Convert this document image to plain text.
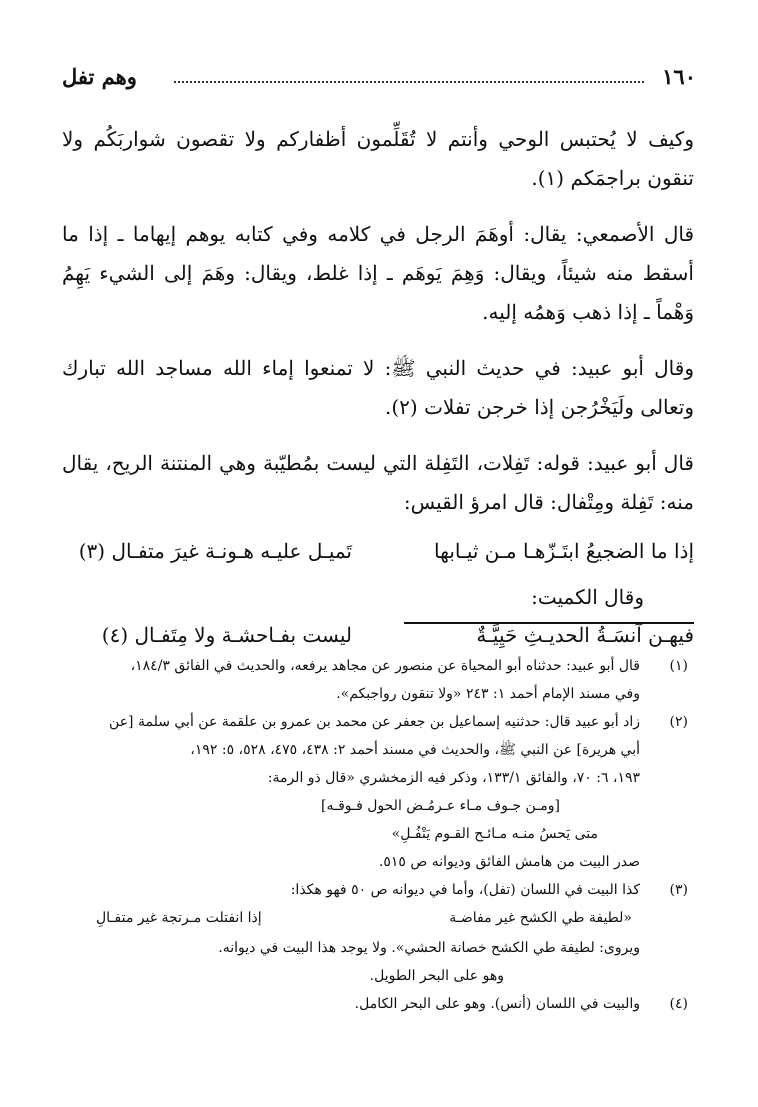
١٦٠
وهم تفل

وكيف لا يُحتبس الوحي وأنتم لا تُقَلِّمون أظفاركم ولا تقصون شواربَكُم ولا تنقون براجمَكم (١).

قال الأصمعي: يقال: أوهَمَ الرجل في كلامه وفي كتابه يوهم إيهاما ـ إذا ما أسقط منه شيئاً، ويقال: وَهِمَ يَوهَم ـ إذا غلط، ويقال: وهَمَ إلى الشيء يَهِمُ وَهْماً ـ إذا ذهب وَهمُه إليه.

وقال أبو عبيد: في حديث النبي ﷺ: لا تمنعوا إماء الله مساجد الله تبارك وتعالى ولَيَخْرُجن إذا خرجن تفلات (٢).

قال أبو عبيد: قوله: تَفِلات، التَفِلة التي ليست بمُطيّبة وهي المنتنة الريح، يقال منه: تَفِلة ومِتْفال: قال امرؤ القيس:

إذا ما الضجيعُ ابتَـزّهـا مـن ثيـابها
تَميـل عليـه هـونـة غيرَ متفـال (٣)

وقال الكميت:

فيهـن آنسَـةُ الحديـثِ حَيِيَّـةٌ
ليست بفـاحشـة ولا مِتَفـال (٤)
(١)

قال أبو عبيد: حدثناه أبو المحياة عن منصور عن مجاهد يرفعه، والحديث في الفائق ١٨٤/٣،

وفي مسند الإمام أحمد ١: ٢٤٣ «ولا تنقون رواجبكم».

(٢)

زاد أبو عبيد قال: حدثنيه إسماعيل بن جعفر عن محمد بن عمرو بن علقمة عن أبي سلمة [عن

أبي هريرة] عن النبي ﷺ، والحديث في مسند أحمد ٢: ٤٣٨، ٤٧٥، ٥٢٨، ٥: ١٩٢،

١٩٣، ٦: ٧٠، والفائق ١٣٣/١، وذكر فيه الزمخشري «قال ذو الرمة:

[ومـن جـوف مـاء عـرمُـض الحول فـوقـه]

متى يَحسُ منـه مـائـح القـوم يَتْفُـلِ»

صدر البيت من هامش الفائق وديوانه ص ٥١٥.

(٣)

كذا البيت في اللسان (تفل)، وأما في ديوانه ص ٥٠ فهو هكذا:

«لطيفة طي الكشح غير مفاضـة
إذا انفتلت مـرتجة غير متفـالِ

ويروى: لطيفة طي الكشح خصانة الحشي». ولا يوجد هذا البيت في ديوانه.

وهو على البحر الطويل.

(٤)

والبيت في اللسان (أنس). وهو على البحر الكامل.
